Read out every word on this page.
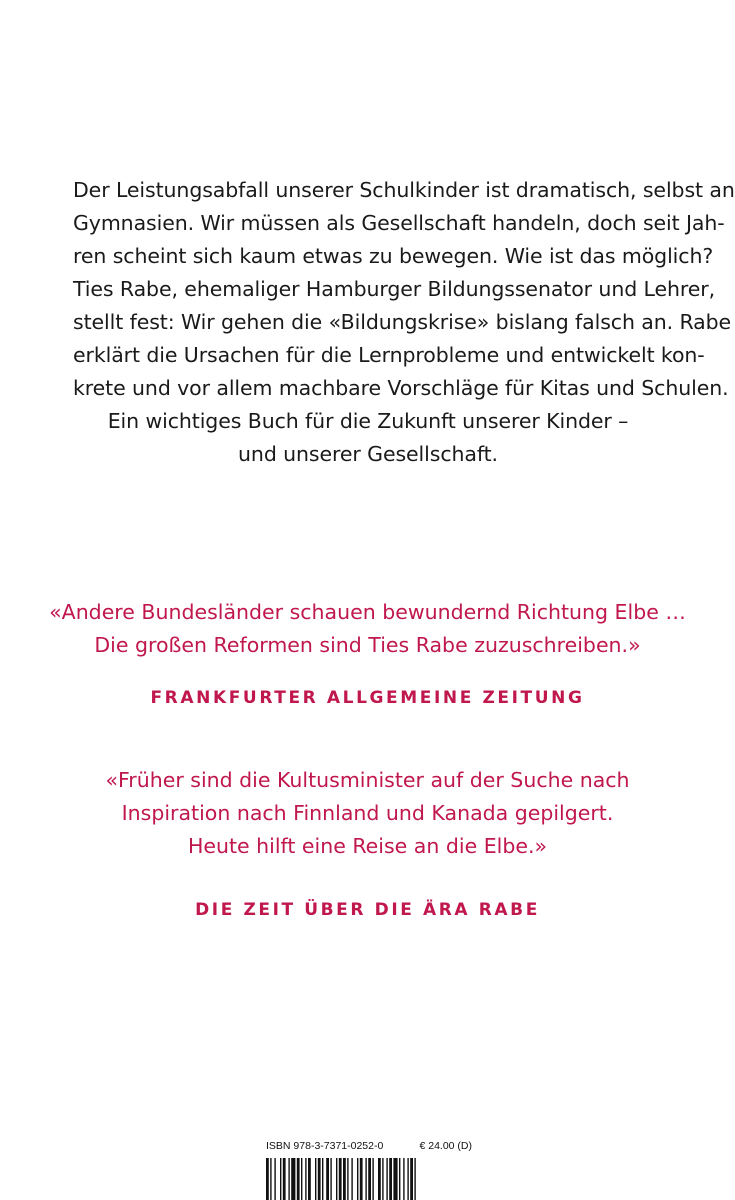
Der Leistungsabfall unserer Schulkinder ist dramatisch, selbst an
Gymnasien. Wir müssen als Gesellschaft handeln, doch seit Jah-
ren scheint sich kaum etwas zu bewegen. Wie ist das möglich?
Ties Rabe, ehemaliger Hamburger Bildungssenator und Lehrer,
stellt fest: Wir gehen die «Bildungskrise» bislang falsch an. Rabe
erklärt die Ursachen für die Lernprobleme und entwickelt kon-
krete und vor allem machbare Vorschläge für Kitas und Schulen.
Ein wichtiges Buch für die Zukunft unserer Kinder –
und unserer Gesellschaft.
«Andere Bundesländer schauen bewundernd Richtung Elbe …
Die großen Reformen sind Ties Rabe zuzuschreiben.»
FRANKFURTER ALLGEMEINE ZEITUNG
«Früher sind die Kultusminister auf der Suche nach
Inspiration nach Finnland und Kanada gepilgert.
Heute hilft eine Reise an die Elbe.»
DIE ZEIT ÜBER DIE ÄRA RABE
ISBN 978-3-7371-0252-0	€ 24.00 (D)
